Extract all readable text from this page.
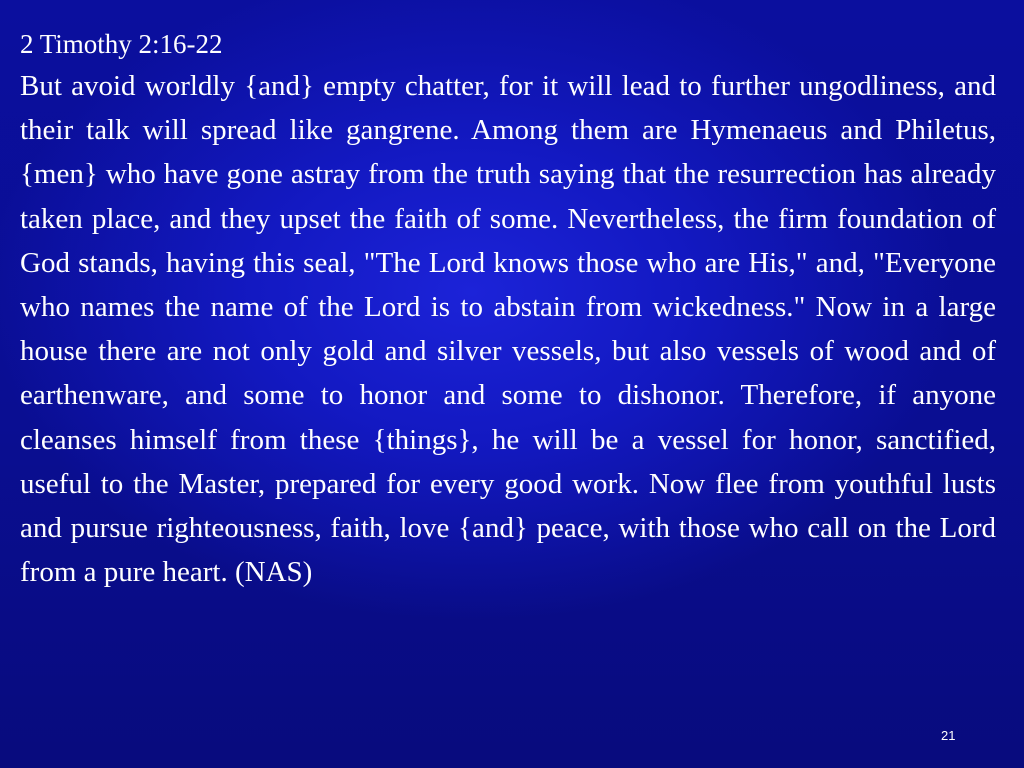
2 Timothy 2:16-22

But avoid worldly {and} empty chatter, for it will lead to further ungodliness, and their talk will spread like gangrene. Among them are Hymenaeus and Philetus, {men} who have gone astray from the truth saying that the resurrection has already taken place, and they upset the faith of some. Nevertheless, the firm foundation of God stands, having this seal, "The Lord knows those who are His," and, "Everyone who names the name of the Lord is to abstain from wickedness." Now in a large house there are not only gold and silver vessels, but also vessels of wood and of earthenware, and some to honor and some to dishonor. Therefore, if anyone cleanses himself from these {things}, he will be a vessel for honor, sanctified, useful to the Master, prepared for every good work. Now flee from youthful lusts and pursue righteousness, faith, love {and} peace, with those who call on the Lord from a pure heart. (NAS)

21
